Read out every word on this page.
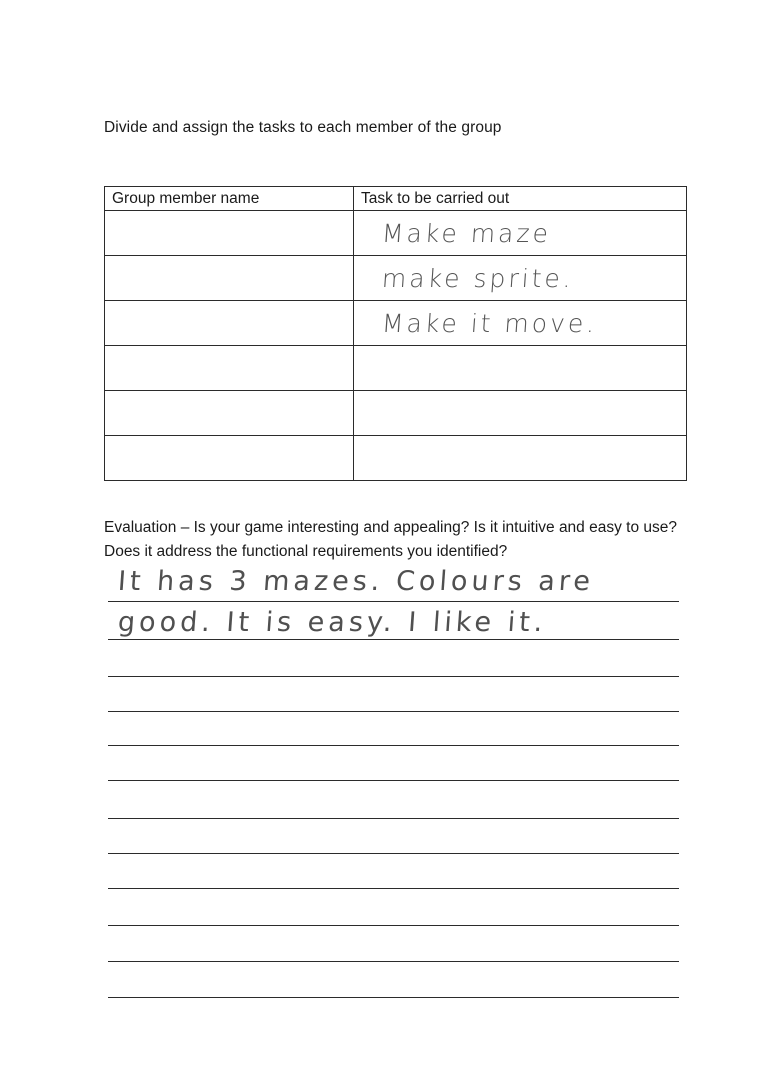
Divide and assign the tasks to each member of the group
Group member name	Task to be carried out
	Make maze
	make sprite.
	Make it move.

Evaluation – Is your game interesting and appealing? Is it intuitive and easy to use? Does it address the functional requirements you identified?
It has 3 mazes. Colours are
good. It is easy. I like it.
